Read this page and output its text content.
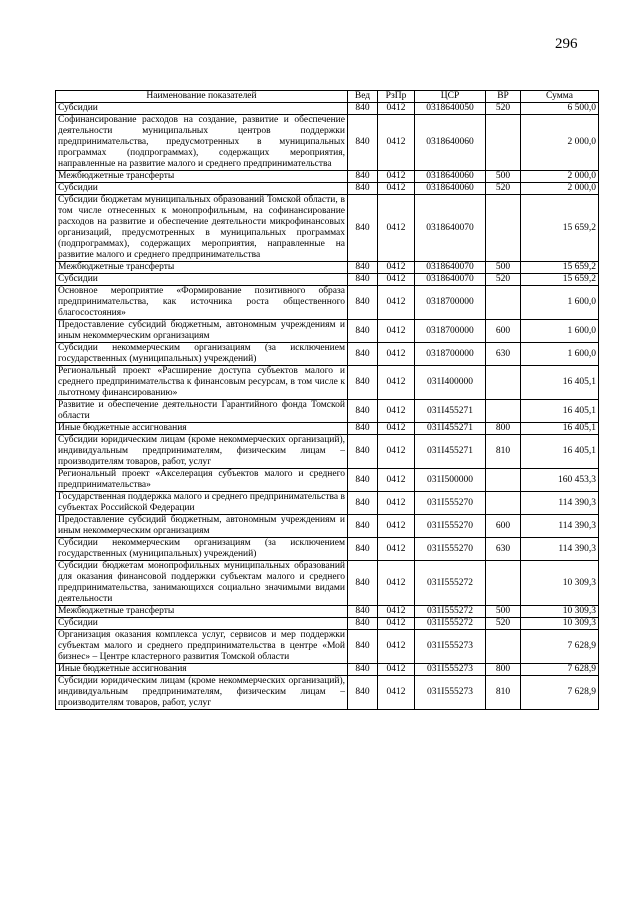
296
Наименование показателей	Вед	РзПр	ЦСР	ВР	Сумма
Субсидии	840	0412	0318640050	520	6 500,0
Софинансирование расходов на создание, развитие и обеспечение деятельности муниципальных центров поддержки предпринимательства, предусмотренных в муниципальных программах (подпрограммах), содержащих мероприятия, направленные на развитие малого и среднего предпринимательства	840	0412	0318640060		2 000,0
Межбюджетные трансферты	840	0412	0318640060	500	2 000,0
Субсидии	840	0412	0318640060	520	2 000,0
Субсидии бюджетам муниципальных образований Томской области, в том числе отнесенных к монопрофильным, на софинансирование расходов на развитие и обеспечение деятельности микрофинансовых организаций, предусмотренных в муниципальных программах (подпрограммах), содержащих мероприятия, направленные на развитие малого и среднего предпринимательства	840	0412	0318640070		15 659,2
Межбюджетные трансферты	840	0412	0318640070	500	15 659,2
Субсидии	840	0412	0318640070	520	15 659,2
Основное мероприятие «Формирование позитивного образа предпринимательства, как источника роста общественного благосостояния»	840	0412	0318700000		1 600,0
Предоставление субсидий бюджетным, автономным учреждениям и иным некоммерческим организациям	840	0412	0318700000	600	1 600,0
Субсидии некоммерческим организациям (за исключением государственных (муниципальных) учреждений)	840	0412	0318700000	630	1 600,0
Региональный проект «Расширение доступа субъектов малого и среднего предпринимательства к финансовым ресурсам, в том числе к льготному финансированию»	840	0412	031I400000		16 405,1
Развитие и обеспечение деятельности Гарантийного фонда Томской области	840	0412	031I455271		16 405,1
Иные бюджетные ассигнования	840	0412	031I455271	800	16 405,1
Субсидии юридическим лицам (кроме некоммерческих организаций), индивидуальным предпринимателям, физическим лицам – производителям товаров, работ, услуг	840	0412	031I455271	810	16 405,1
Региональный проект «Акселерация субъектов малого и среднего предпринимательства»	840	0412	031I500000		160 453,3
Государственная поддержка малого и среднего предпринимательства в субъектах Российской Федерации	840	0412	031I555270		114 390,3
Предоставление субсидий бюджетным, автономным учреждениям и иным некоммерческим организациям	840	0412	031I555270	600	114 390,3
Субсидии некоммерческим организациям (за исключением государственных (муниципальных) учреждений)	840	0412	031I555270	630	114 390,3
Субсидии бюджетам монопрофильных муниципальных образований для оказания финансовой поддержки субъектам малого и среднего предпринимательства, занимающихся социально значимыми видами деятельности	840	0412	031I555272		10 309,3
Межбюджетные трансферты	840	0412	031I555272	500	10 309,3
Субсидии	840	0412	031I555272	520	10 309,3
Организация оказания комплекса услуг, сервисов и мер поддержки субъектам малого и среднего предпринимательства в центре «Мой бизнес» – Центре кластерного развития Томской области	840	0412	031I555273		7 628,9
Иные бюджетные ассигнования	840	0412	031I555273	800	7 628,9
Субсидии юридическим лицам (кроме некоммерческих организаций), индивидуальным предпринимателям, физическим лицам – производителям товаров, работ, услуг	840	0412	031I555273	810	7 628,9
